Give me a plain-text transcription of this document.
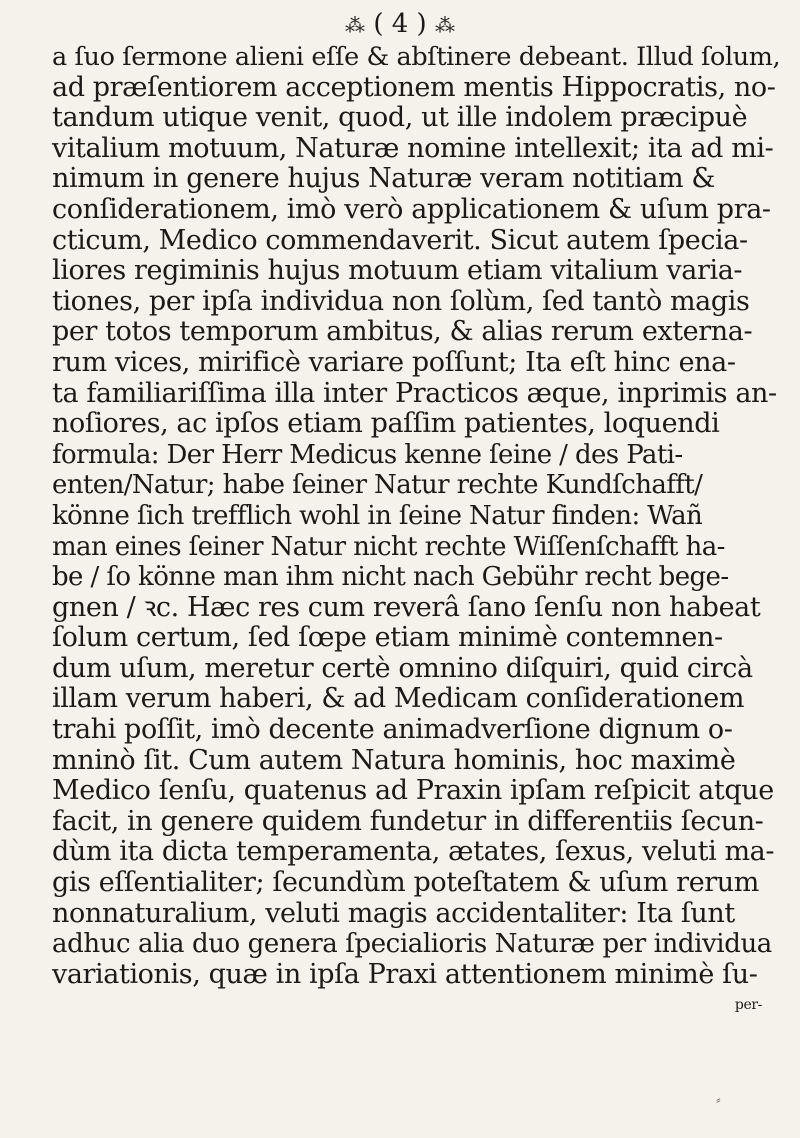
⁂ ( 4 ) ⁂
a ſuo ſermone alieni eſſe & abſtinere debeant. Illud ſolum,
ad præſentiorem acceptionem mentis Hippocratis, no-
tandum utique venit, quod, ut ille indolem præcipuè
vitalium motuum, Naturæ nomine intellexit; ita ad mi-
nimum in genere hujus Naturæ veram notitiam &
conſiderationem, imò verò applicationem & uſum pra-
cticum, Medico commendaverit. Sicut autem ſpecia-
liores regiminis hujus motuum etiam vitalium varia-
tiones, per ipſa individua non ſolùm, ſed tantò magis
per totos temporum ambitus, & alias rerum externa-
rum vices, mirificè variare poſſunt; Ita eſt hinc ena-
ta familiariſſima illa inter Practicos æque, inprimis an-
noſiores, ac ipſos etiam paſſim patientes, loquendi
formula: Der Herr Medicus kenne ſeine / des Pati-
enten/Natur; habe ſeiner Natur rechte Kundſchafft/
könne ſich trefflich wohl in ſeine Natur finden: Wañ
man eines ſeiner Natur nicht rechte Wiſſenſchafft ha-
be / ſo könne man ihm nicht nach Gebühr recht bege-
gnen / ꝛc. Hæc res cum reverâ ſano ſenſu non habeat
ſolum certum, ſed ſœpe etiam minimè contemnen-
dum uſum, meretur certè omnino diſquiri, quid circà
illam verum haberi, & ad Medicam conſiderationem
trahi poſſit, imò decente animadverſione dignum o-
mninò ſit. Cum autem Natura hominis, hoc maximè
Medico ſenſu, quatenus ad Praxin ipſam reſpicit atque
facit, in genere quidem fundetur in differentiis ſecun-
dùm ita dicta temperamenta, ætates, ſexus, veluti ma-
gis eſſentialiter; ſecundùm poteſtatem & uſum rerum
nonnaturalium, veluti magis accidentaliter: Ita ſunt
adhuc alia duo genera ſpecialioris Naturæ per individua
variationis, quæ in ipſa Praxi attentionem minimè ſu-
per-
⸗
